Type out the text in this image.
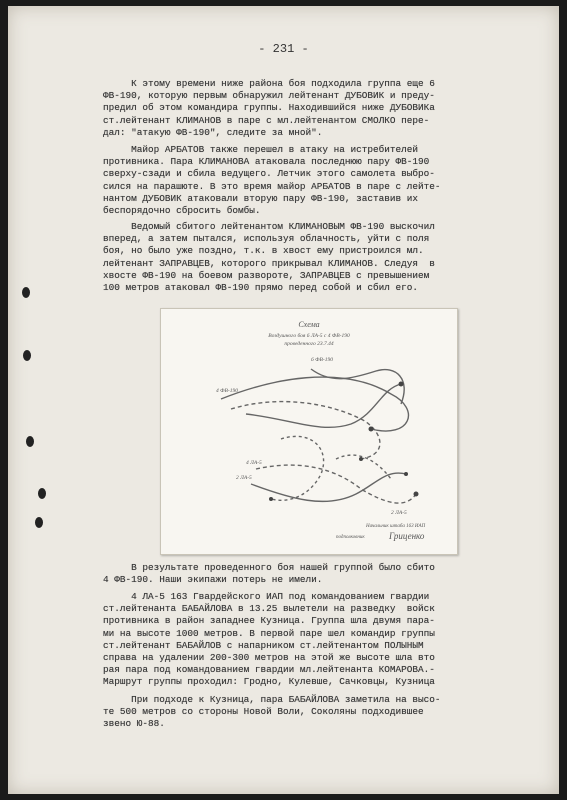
- 231 -
К этому времени ниже района боя подходила группа еще 6
ФВ-190, которую первым обнаружил лейтенант ДУБОВИК и преду-
предил об этом командира группы. Находившийся ниже ДУБОВИКа
ст.лейтенант КЛИМАНОВ в паре с мл.лейтенантом СМОЛКО пере-
дал: "атакую ФВ-190", следите за мной".
Майор АРБАТОВ также перешел в атаку на истребителей
противника. Пара КЛИМАНОВА атаковала последнюю пару ФВ-190
сверху-сзади и сбила ведущего. Летчик этого самолета выбро-
сился на парашюте. В это время майор АРБАТОВ в паре с лейте-
нантом ДУБОВИК атаковали вторую пару ФВ-190, заставив их
беспорядочно сбросить бомбы.
Ведомый сбитого лейтенантом КЛИМАНОВЫМ ФВ-190 выскочил
вперед, а затем пытался, используя облачность, уйти с поля
боя, но было уже поздно, т.к. в хвост ему пристроился мл.
лейтенант ЗАПРАВЦЕВ, которого прикрывал КЛИМАНОВ. Следуя  в
хвосте ФВ-190 на боевом развороте, ЗАПРАВЦЕВ с превышением
100 метров атаковал ФВ-190 прямо перед собой и сбил его.
Схема
Воздушного боя 6 ЛА-5 с 4 ФВ-190
проведенного 23.7.44
4 ФВ-190
6 ФВ-190
4 ЛА-5
2 ЛА-5
2 ЛА-5
Начальник штаба 163 ИАП
подполковник	Гриценко
В результате проведенного боя нашей группой было сбито
4 ФВ-190. Наши экипажи потерь не имели.
4 ЛА-5 163 Гвардейского ИАП под командованием гвардии
ст.лейтенанта БАБАЙЛОВА в 13.25 вылетели на разведку  войск
противника в район западнее Кузница. Группа шла двумя пара-
ми на высоте 1000 метров. В первой паре шел командир группы
ст.лейтенант БАБАЙЛОВ с напарником ст.лейтенантом ПОЛЫНЫМ
справа на удалении 200-300 метров на этой же высоте шла вто
рая пара под командованием гвардии мл.лейтенанта КОМАРОВА.-
Маршрут группы проходил: Гродно, Кулевше, Сачковцы, Кузница
При подходе к Кузница, пара БАБАЙЛОВА заметила на высо-
те 500 метров со стороны Новой Воли, Соколяны подходившее
звено Ю-88.
